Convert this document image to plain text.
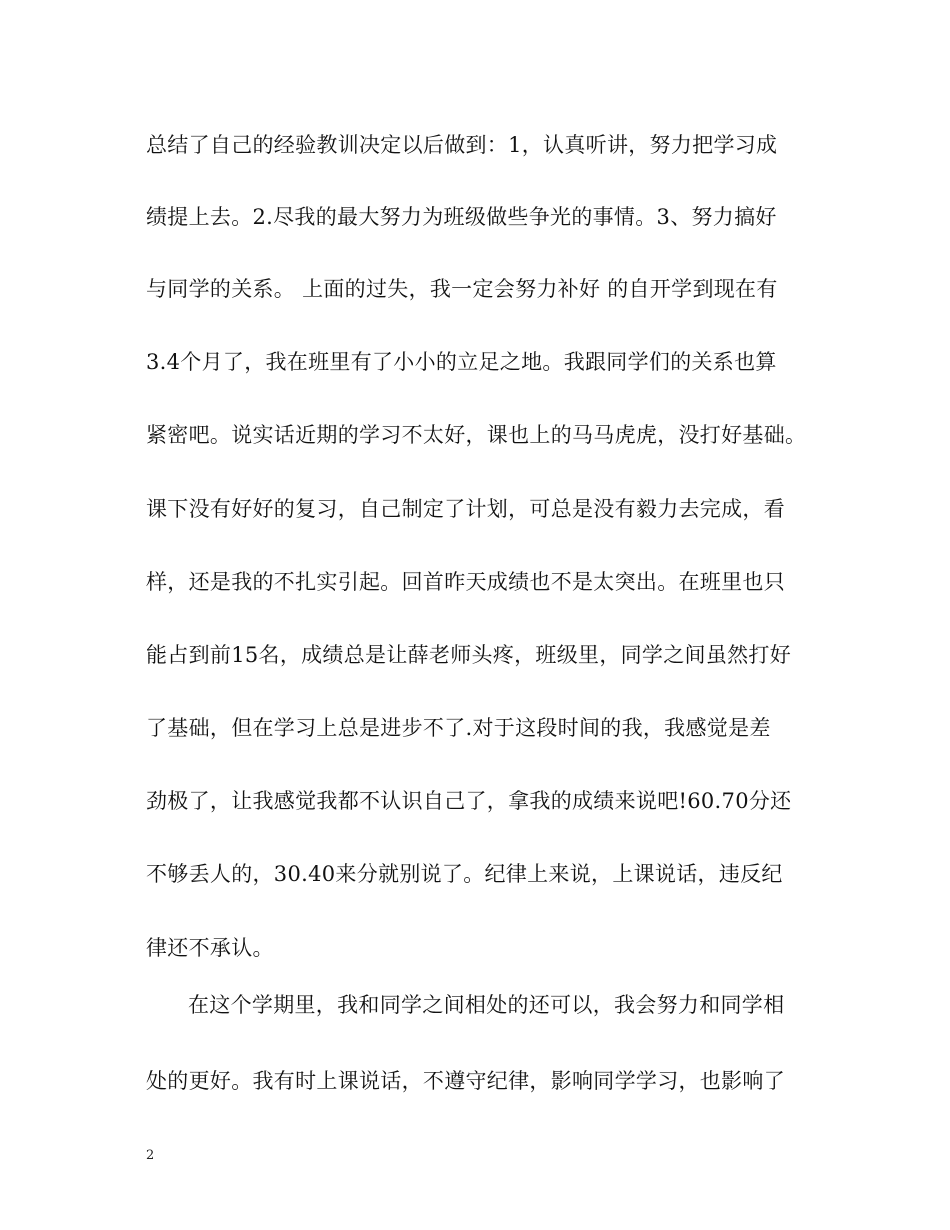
总结了自己的经验教训决定以后做到：1，认真听讲，努力把学习成
绩提上去。2.尽我的最大努力为班级做些争光的事情。3、努力搞好
与同学的关系。 上面的过失，我一定会努力补好 的自开学到现在有
3.4个月了，我在班里有了小小的立足之地。我跟同学们的关系也算
紧密吧。说实话近期的学习不太好，课也上的马马虎虎，没打好基础。
课下没有好好的复习，自己制定了计划，可总是没有毅力去完成，看
样，还是我的不扎实引起。回首昨天成绩也不是太突出。在班里也只
能占到前15名，成绩总是让薛老师头疼，班级里，同学之间虽然打好
了基础，但在学习上总是进步不了.对于这段时间的我，我感觉是差
劲极了，让我感觉我都不认识自己了，拿我的成绩来说吧!60.70分还
不够丢人的，30.40来分就别说了。纪律上来说，上课说话，违反纪
律还不承认。
在这个学期里，我和同学之间相处的还可以，我会努力和同学相
处的更好。我有时上课说话，不遵守纪律，影响同学学习，也影响了
2
